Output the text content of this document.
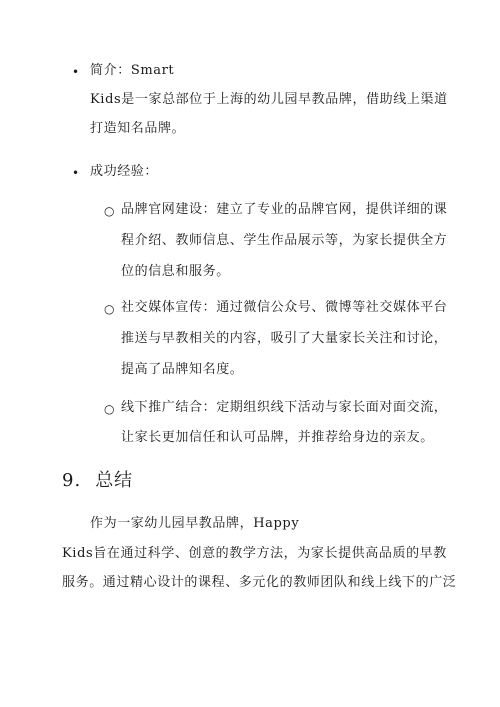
• 简介：Smart
Kids是一家总部位于上海的幼儿园早教品牌，借助线上渠道
打造知名品牌。
• 成功经验：
○ 品牌官网建设：建立了专业的品牌官网，提供详细的课
程介绍、教师信息、学生作品展示等，为家长提供全方
位的信息和服务。
○ 社交媒体宣传：通过微信公众号、微博等社交媒体平台
推送与早教相关的内容，吸引了大量家长关注和讨论，
提高了品牌知名度。
○ 线下推广结合：定期组织线下活动与家长面对面交流，
让家长更加信任和认可品牌，并推荐给身边的亲友。
9. 总结
作为一家幼儿园早教品牌，Happy
Kids旨在通过科学、创意的教学方法，为家长提供高品质的早教
服务。通过精心设计的课程、多元化的教师团队和线上线下的广泛
